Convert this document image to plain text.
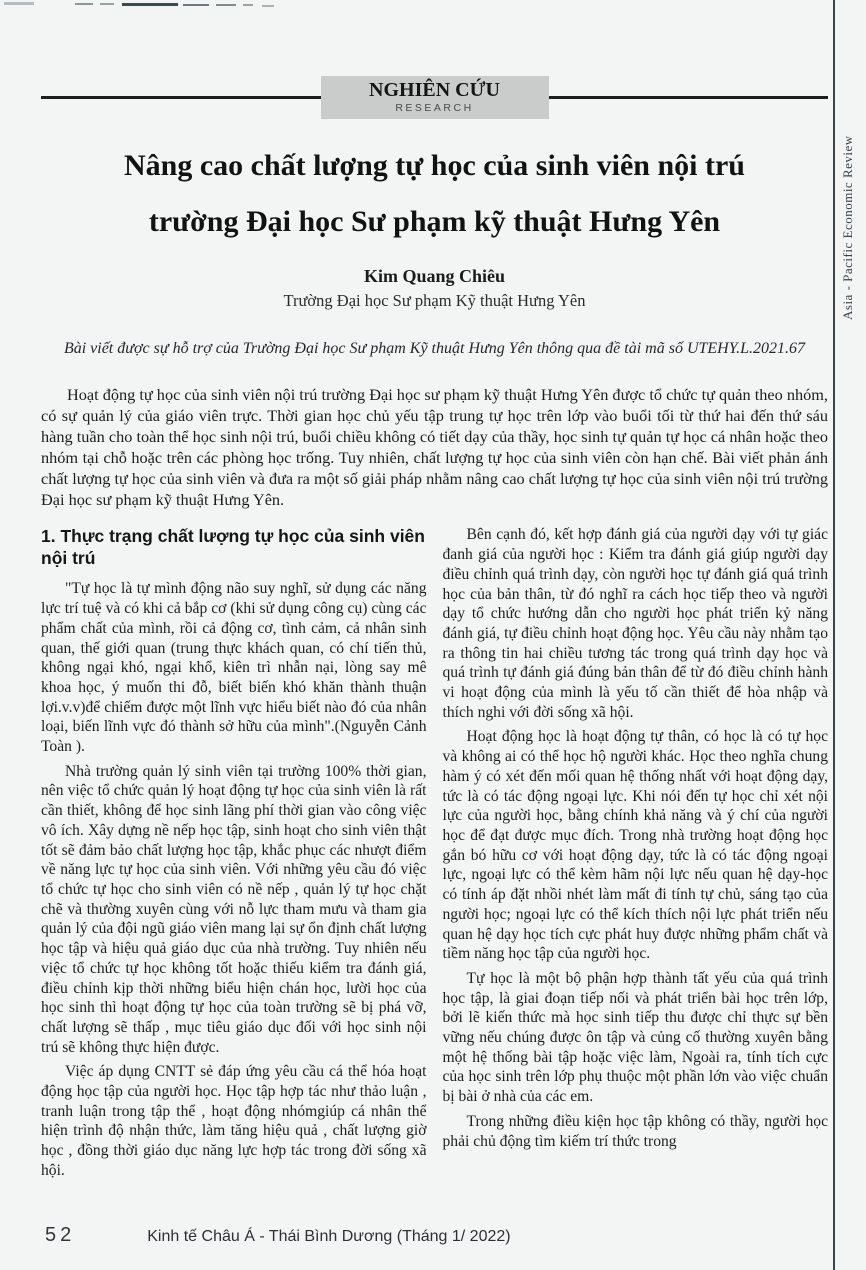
Asia - Pacific Economic Review
NGHIÊN CỨU
RESEARCH
Nâng cao chất lượng tự học của sinh viên nội trú
trường Đại học Sư phạm kỹ thuật Hưng Yên
Kim Quang Chiêu
Trường Đại học Sư phạm Kỹ thuật Hưng Yên
Bài viết được sự hỗ trợ của Trường Đại học Sư phạm Kỹ thuật Hưng Yên thông qua đề tài mã số UTEHY.L.2021.67
Hoạt động tự học của sinh viên nội trú trường Đại học sư phạm kỹ thuật Hưng Yên được tổ chức tự quản theo nhóm, có sự quản lý của giáo viên trực. Thời gian học chủ yếu tập trung tự học trên lớp vào buổi tối từ thứ hai đến thứ sáu hàng tuần cho toàn thể học sinh nội trú, buổi chiều không có tiết dạy của thầy, học sinh tự quản tự học cá nhân hoặc theo nhóm tại chỗ hoặc trên các phòng học trống. Tuy nhiên, chất lượng tự học của sinh viên còn hạn chế. Bài viết phản ánh chất lượng tự học của sinh viên và đưa ra một số giải pháp nhằm nâng cao chất lượng tự học của sinh viên nội trú trường Đại học sư phạm kỹ thuật Hưng Yên.
1. Thực trạng chất lượng tự học của sinh viên nội trú

"Tự học là tự mình động não suy nghĩ, sử dụng các năng lực trí tuệ và có khi cả bắp cơ (khi sử dụng công cụ) cùng các phẩm chất của mình, rồi cả động cơ, tình cảm, cả nhân sinh quan, thế giới quan (trung thực khách quan, có chí tiến thủ, không ngại khó, ngại khổ, kiên trì nhẫn nại, lòng say mê khoa học, ý muốn thi đỗ, biết biến khó khăn thành thuận lợi.v.v)để chiếm được một lĩnh vực hiểu biết nào đó của nhân loại, biến lĩnh vực đó thành sở hữu của mình".(Nguyễn Cảnh Toàn ).

Nhà trường quản lý sinh viên tại trường 100% thời gian, nên việc tổ chức quản lý hoạt động tự học của sinh viên là rất cần thiết, không để học sinh lãng phí thời gian vào công việc vô ích. Xây dựng nề nếp học tập, sinh hoạt cho sinh viên thật tốt sẽ đảm bảo chất lượng học tập, khắc phục các nhượt điểm về năng lực tự học của sinh viên. Với những yêu cầu đó việc tổ chức tự học cho sinh viên có nề nếp , quản lý tự học chặt chẽ và thường xuyên cùng với nỗ lực tham mưu và tham gia quản lý của đội ngũ giáo viên mang lại sự ổn định chất lượng học tập và hiệu quả giáo dục của nhà trường. Tuy nhiên nếu việc tổ chức tự học không tốt hoặc thiếu kiểm tra đánh giá, điều chỉnh kịp thời những biểu hiện chán học, lười học của học sinh thì hoạt động tự học của toàn trường sẽ bị phá vỡ, chất lượng sẽ thấp , mục tiêu giáo dục đối với học sinh nội trú sẽ không thực hiện được.

Việc áp dụng CNTT sẻ đáp ứng yêu cầu cá thể hóa hoạt động học tập của người học. Học tập hợp tác như thảo luận , tranh luận trong tập thể , hoạt động nhómgiúp cá nhân thể hiện trình độ nhận thức, làm tăng hiệu quả , chất lượng giờ học , đồng thời giáo dục năng lực hợp tác trong đời sống xã hội.

Bên cạnh đó, kết hợp đánh giá của người dạy với tự giác đanh giá của người học : Kiểm tra đánh giá giúp người dạy điều chỉnh quá trình dạy, còn người học tự đánh giá quá trình học của bản thân, từ đó nghĩ ra cách học tiếp theo và người dạy tổ chức hướng dẫn cho người học phát triển kỷ năng đánh giá, tự điều chỉnh hoạt động học. Yêu cầu này nhằm tạo ra thông tin hai chiều tương tác trong quá trình dạy học và quá trình tự đánh giá đúng bản thân để từ đó điều chỉnh hành vi hoạt động của mình là yếu tố cần thiết để hòa nhập và thích nghi với đời sống xã hội.

Hoạt động học là hoạt động tự thân, có học là có tự học và không ai có thể học hộ người khác. Học theo nghĩa chung hàm ý có xét đến mối quan hệ thống nhất với hoạt động dạy, tức là có tác động ngoại lực. Khi nói đến tự học chỉ xét nội lực của người học, bằng chính khả năng và ý chí của người học để đạt được mục đích. Trong nhà trường hoạt động học gắn bó hữu cơ với hoạt động dạy, tức là có tác động ngoại lực, ngoại lực có thể kèm hãm nội lực nếu quan hệ dạy-học có tính áp đặt nhồi nhét làm mất đi tính tự chủ, sáng tạo của người học; ngoại lực có thể kích thích nội lực phát triển nếu quan hệ dạy học tích cực phát huy được những phẩm chất và tiềm năng học tập của người học.

Tự học là một bộ phận hợp thành tất yếu của quá trình học tập, là giai đoạn tiếp nối và phát triển bài học trên lớp, bởi lẽ kiến thức mà học sinh tiếp thu được chỉ thực sự bền vững nếu chúng được ôn tập và củng cố thường xuyên bằng một hệ thống bài tập hoặc việc làm, Ngoài ra, tính tích cực của học sinh trên lớp phụ thuộc một phần lớn vào việc chuẩn bị bài ở nhà của các em.

Trong những điều kiện học tập không có thầy, người học phải chủ động tìm kiếm trí thức trong

52	Kinh tế Châu Á - Thái Bình Dương (Tháng 1/ 2022)
